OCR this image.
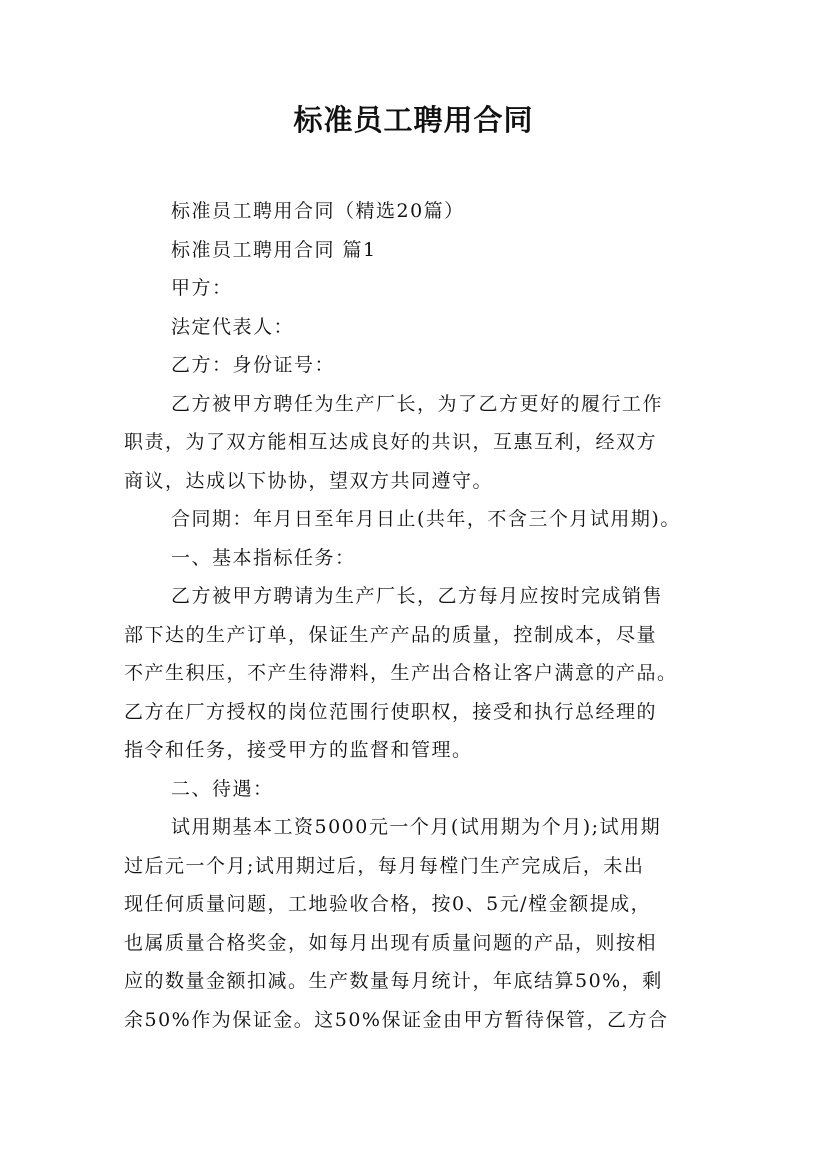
标准员工聘用合同
标准员工聘用合同（精选20篇）
标准员工聘用合同 篇1
甲方：
法定代表人：
乙方：身份证号：
乙方被甲方聘任为生产厂长，为了乙方更好的履行工作
职责，为了双方能相互达成良好的共识，互惠互利，经双方
商议，达成以下协协，望双方共同遵守。
合同期：年月日至年月日止(共年，不含三个月试用期)。
一、基本指标任务：
乙方被甲方聘请为生产厂长，乙方每月应按时完成销售
部下达的生产订单，保证生产产品的质量，控制成本，尽量
不产生积压，不产生待滞料，生产出合格让客户满意的产品。
乙方在厂方授权的岗位范围行使职权，接受和执行总经理的
指令和任务，接受甲方的监督和管理。
二、待遇：
试用期基本工资5000元一个月(试用期为个月);试用期
过后元一个月;试用期过后，每月每樘门生产完成后，未出
现任何质量问题，工地验收合格，按0、5元/樘金额提成，
也属质量合格奖金，如每月出现有质量问题的产品，则按相
应的数量金额扣减。生产数量每月统计，年底结算50%，剩
余50%作为保证金。这50%保证金由甲方暂待保管，乙方合
